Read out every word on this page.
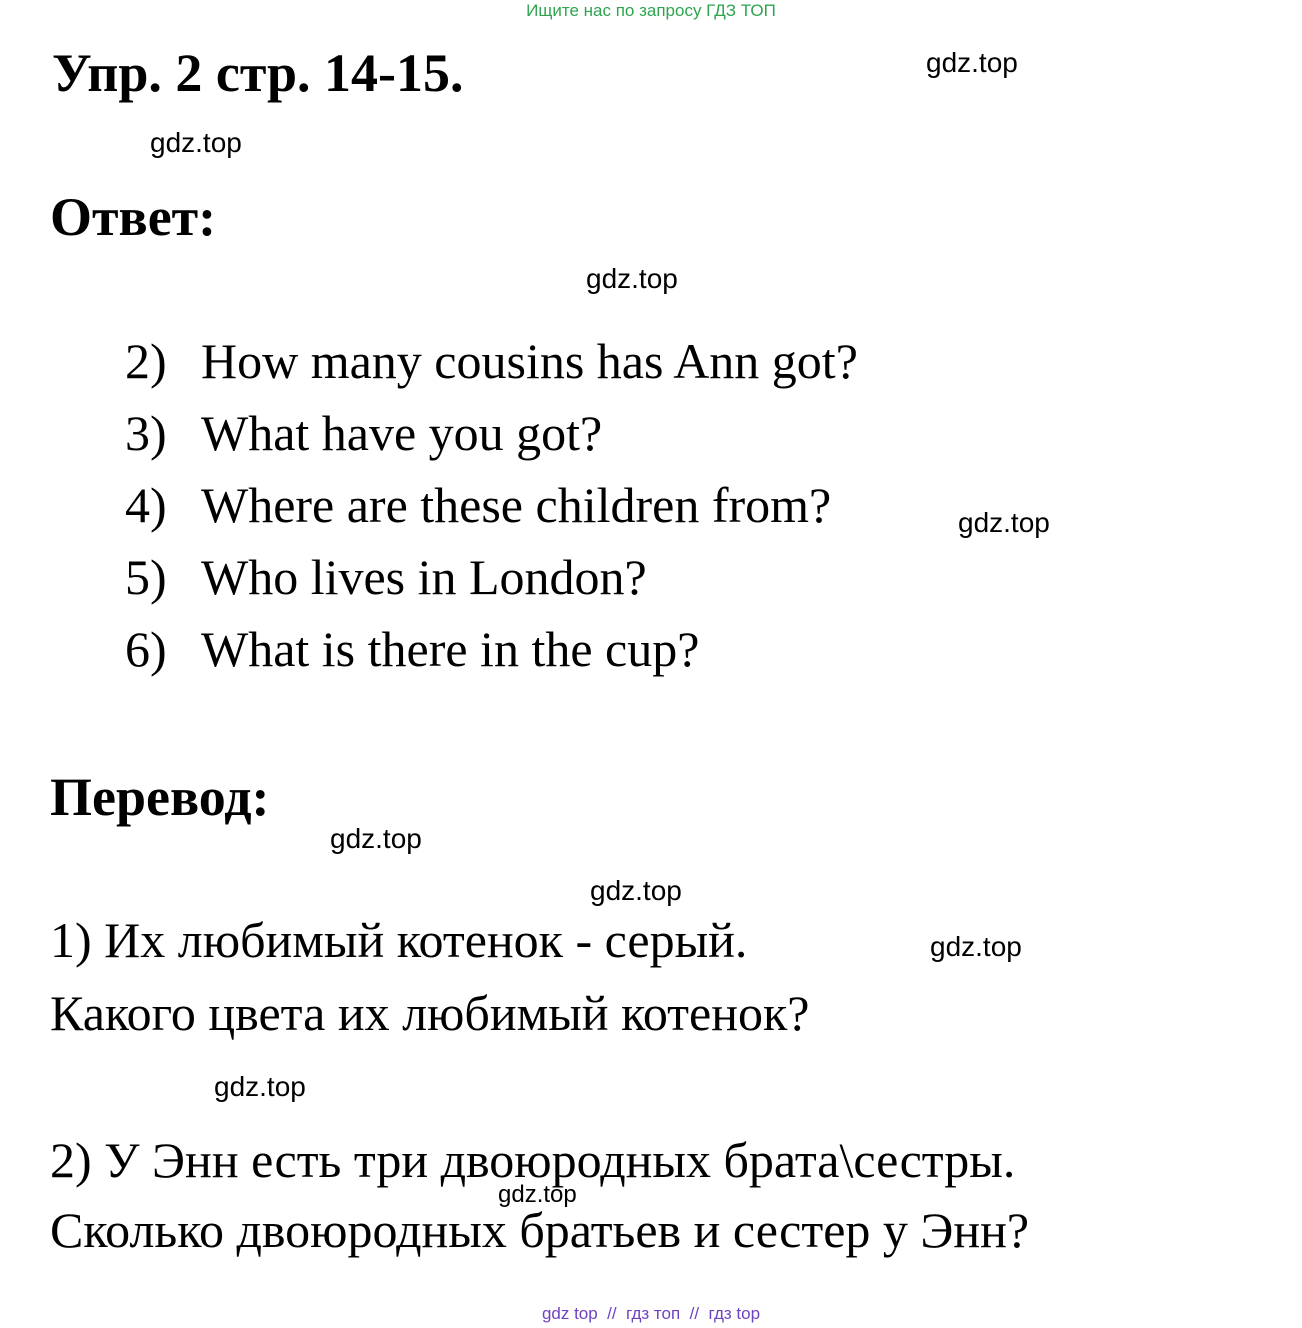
Ищите нас по запросу ГДЗ ТОП
Упр. 2 стр. 14-15.	gdz.top
gdz.top
Ответ:
gdz.top
2) How many cousins has Ann got?
3) What have you got?
4) Where are these children from?	gdz.top
5) Who lives in London?
6) What is there in the cup?
Перевод:
gdz.top
gdz.top
1) Их любимый котенок - серый.	gdz.top
Какого цвета их любимый котенок?
gdz.top
2) У Энн есть три двоюродных брата\сестры.
gdz.top
Сколько двоюродных братьев и сестер у Энн?
gdz top  //  гдз топ  //  гдз top
